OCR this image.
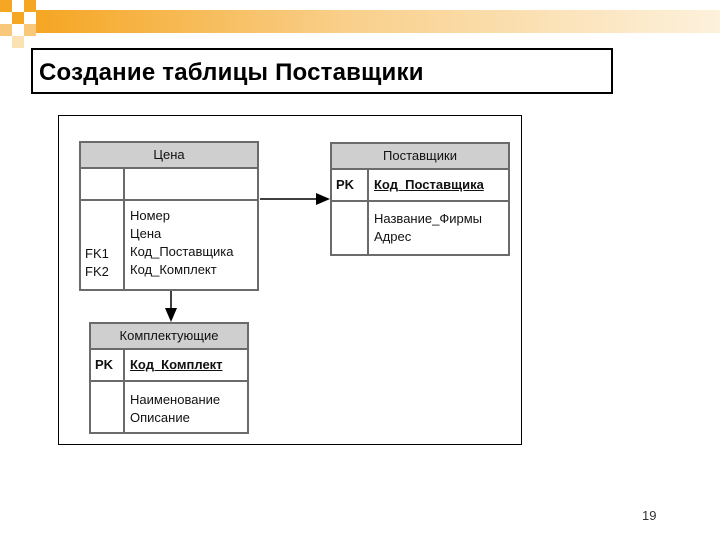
Создание таблицы Поставщики
Цена
FK1
FK2
Номер
Цена
Код_Поставщика
Код_Комплект
Поставщики
PK	Код_Поставщика
Название_Фирмы
Адрес
Комплектующие
PK	Код_Комплект
Наименование
Описание
19
